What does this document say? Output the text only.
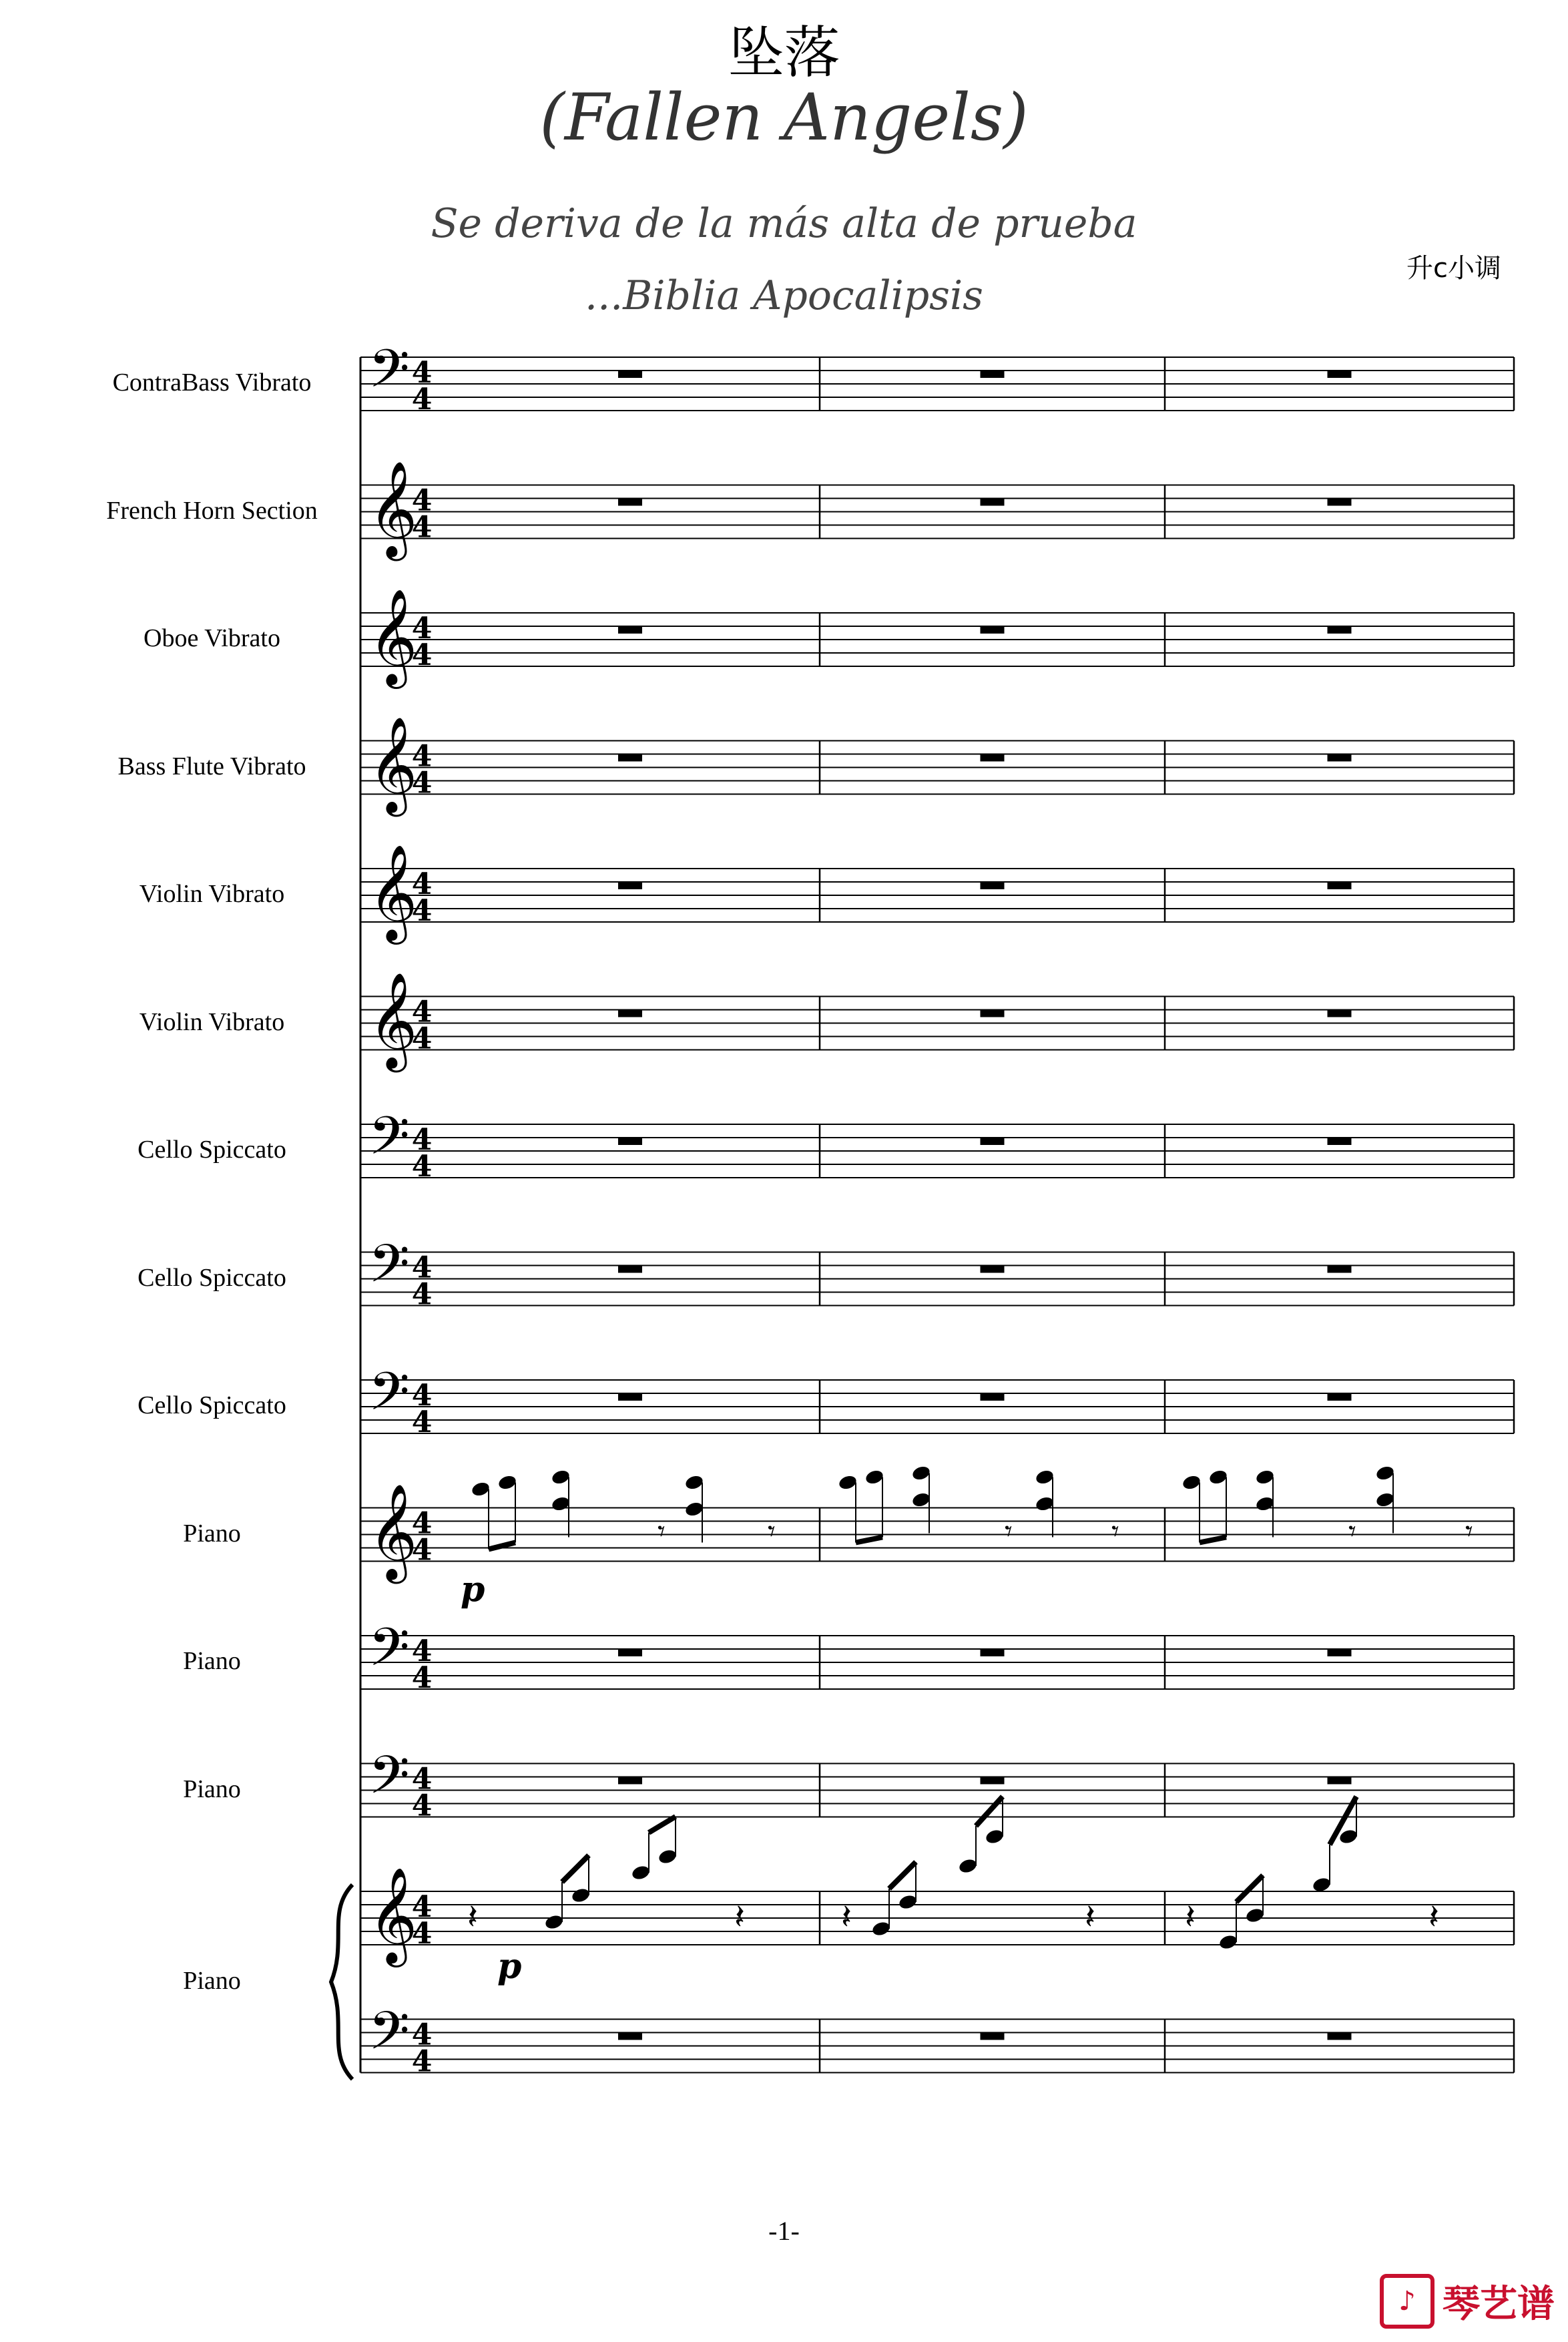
坠落
(Fallen Angels)
Se deriva de la más alta de prueba
...Biblia Apocalipsis
升c小调
ContraBass Vibrato
French Horn Section
Oboe Vibrato
Bass Flute Vibrato
Violin Vibrato
Violin Vibrato
Cello Spiccato
Cello Spiccato
Cello Spiccato
Piano
Piano
Piano
Piano
𝄢 4
4
𝄞
4
4
𝄞
4
4
𝄞
4
4
𝄞
4
4
𝄞
4
4
𝄢 4
4
𝄢 4
4
𝄢 4
4
𝄞
4
4
𝄾	𝄾	𝄾	𝄾	𝄾	𝄾
p
𝄢 4
4
𝄢 4
4
𝄞
4
4 𝄽	𝄽	𝄽	𝄽	𝄽	𝄽
p
𝄢 4
4
-1-
♪ 琴艺谱
